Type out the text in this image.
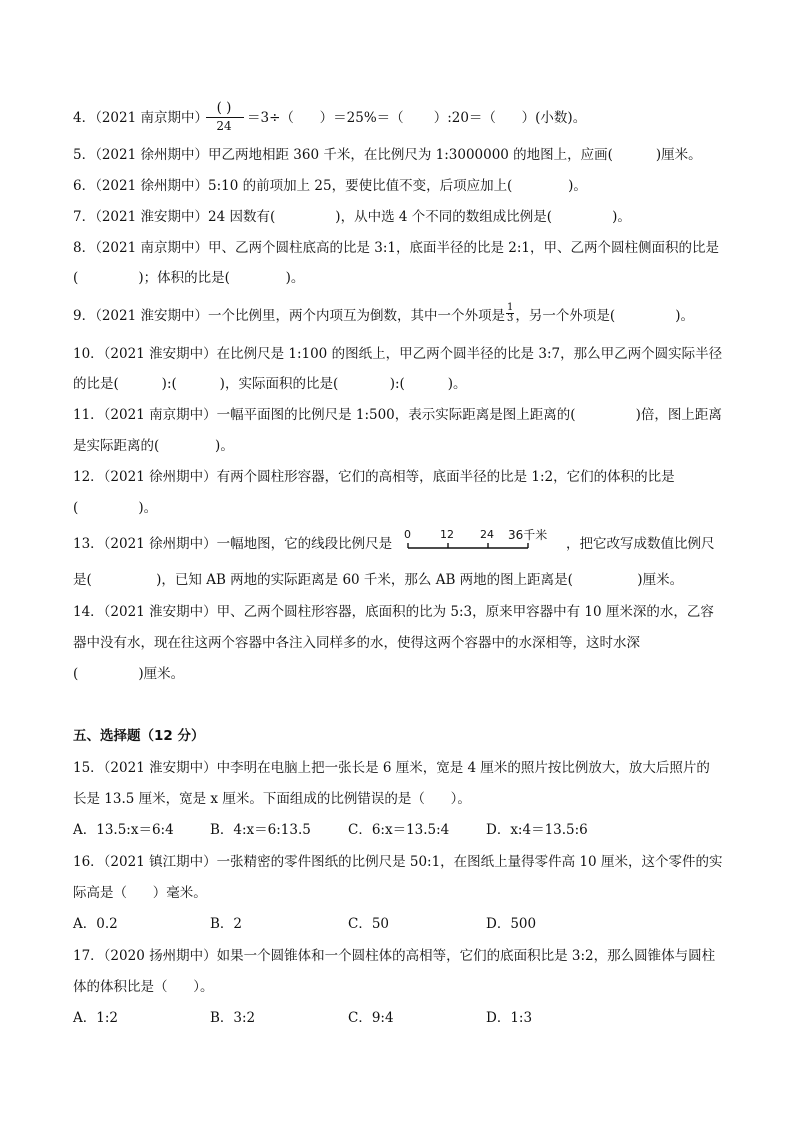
4．（2021 南京期中）
( )
24	＝3÷（      ）＝25%＝（       ）:20＝（      ）(小数)。
5．（2021 徐州期中）甲乙两地相距 360 千米，在比例尺为 1:3000000 的地图上，应画(          )厘米。
6．（2021 徐州期中）5:10 的前项加上 25，要使比值不变，后项应加上(             )。
7．（2021 淮安期中）24 因数有(              )，从中选 4 个不同的数组成比例是(              )。
8．（2021 南京期中）甲、乙两个圆柱底高的比是 3:1，底面半径的比是 2:1，甲、乙两个圆柱侧面积的比是
(              )；体积的比是(             )。
9．（2021 淮安期中）一个比例里，两个内项互为倒数，其中一个外项是 $\frac{1}{3}$ ，另一个外项是(              )。
10．（2021 淮安期中）在比例尺是 1:100 的图纸上，甲乙两个圆半径的比是 3:7，那么甲乙两个圆实际半径
的比是(          ):(          )，实际面积的比是(            ):(          )。
11．（2021 南京期中）一幅平面图的比例尺是 1:500，表示实际距离是图上距离的(              )倍，图上距离
是实际距离的(             )。
12．（2021 徐州期中）有两个圆柱形容器，它们的高相等，底面半径的比是 1:2，它们的体积的比是
(              )。
13．（2021 徐州期中）一幅地图，它的线段比例尺是
0	12 24 36千米
，把它改写成数值比例尺
是(               )，已知 AB 两地的实际距离是 60 千米，那么 AB 两地的图上距离是(               )厘米。
14．（2021 淮安期中）甲、乙两个圆柱形容器，底面积的比为 5:3，原来甲容器中有 10 厘米深的水，乙容
器中没有水，现在往这两个容器中各注入同样多的水，使得这两个容器中的水深相等，这时水深
(              )厘米。
五、选择题（12 分）
15．（2021 淮安期中）中李明在电脑上把一张长是 6 厘米，宽是 4 厘米的照片按比例放大，放大后照片的
长是 13.5 厘米，宽是 x 厘米。下面组成的比例错误的是（      ）。
A．13.5:x＝6:4	B．4:x＝6:13.5	C．6:x＝13.5:4	D．x:4＝13.5:6
16．（2021 镇江期中）一张精密的零件图纸的比例尺是 50:1，在图纸上量得零件高 10 厘米，这个零件的实
际高是（      ）毫米。
A．0.2	B．2	C．50	D．500
17．（2020 扬州期中）如果一个圆锥体和一个圆柱体的高相等，它们的底面积比是 3:2，那么圆锥体与圆柱
体的体积比是（      ）。
A．1:2	B．3:2	C．9:4	D．1:3
